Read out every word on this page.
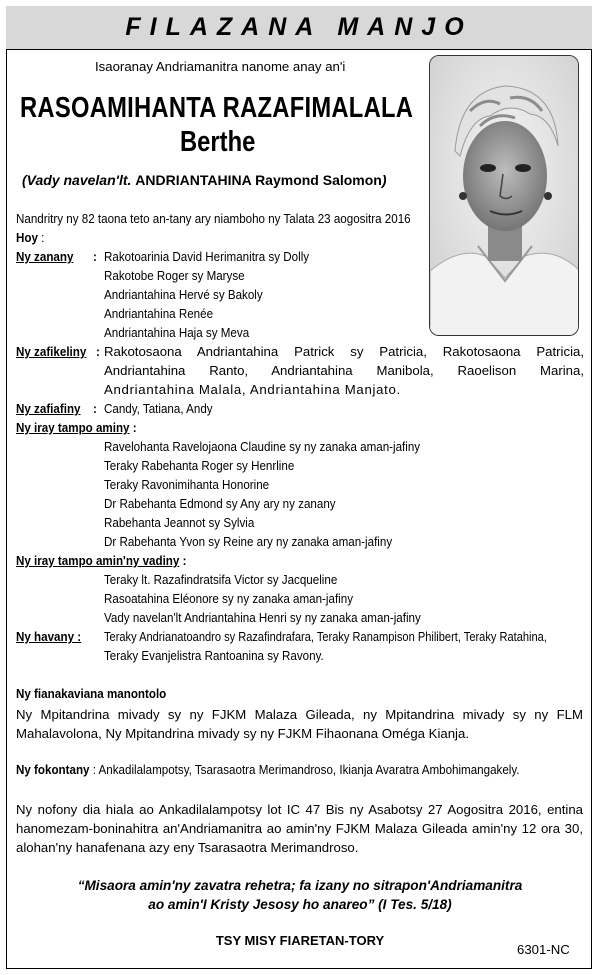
FILAZANA MANJO
Isaoranay Andriamanitra nanome anay an'i
RASOAMIHANTA RAZAFIMALALA
Berthe
(Vady navelan'lt. ANDRIANTAHINA Raymond Salomon)
Nandritry ny 82 taona teto an-tany ary niamboho ny Talata 23 aogositra 2016
Hoy :
Ny zanany : Rakotoarinia David Herimanitra sy Dolly
Rakotobe Roger sy Maryse
Andriantahina Hervé sy Bakoly
Andriantahina Renée
Andriantahina Haja sy Meva
Ny zafikeliny : Rakotosaona Andriantahina Patrick sy Patricia, Rakotosaona Patricia,
Andriantahina Ranto, Andriantahina Manibola, Raoelison Marina,
Andriantahina Malala, Andriantahina Manjato.
Ny zafiafiny : Candy, Tatiana, Andy
Ny iray tampo aminy :
Ravelohanta Ravelojaona Claudine sy ny zanaka aman-jafiny
Teraky Rabehanta Roger sy Henrline
Teraky Ravonimihanta Honorine
Dr Rabehanta Edmond sy Any ary ny zanany
Rabehanta Jeannot sy Sylvia
Dr Rabehanta Yvon sy Reine ary ny zanaka aman-jafiny
Ny iray tampo amin'ny vadiny :
Teraky lt. Razafindratsifa Victor sy Jacqueline
Rasoatahina Eléonore sy ny zanaka aman-jafiny
Vady navelan'lt Andriantahina Henri sy ny zanaka aman-jafiny
Ny havany : Teraky Andrianatoandro sy Razafindrafara, Teraky Ranampison Philibert, Teraky Ratahina,
Teraky Evanjelistra Rantoanina sy Ravony.
Ny fianakaviana manontolo
Ny Mpitandrina mivady sy ny FJKM Malaza Gileada, ny Mpitandrina mivady sy ny FLM Mahalavolona, Ny Mpitandrina mivady sy ny FJKM Fihaonana Oméga Kianja.
Ny fokontany : Ankadilalampotsy, Tsarasaotra Merimandroso, Ikianja Avaratra Ambohimangakely.
Ny nofony dia hiala ao Ankadilalampotsy lot IC 47 Bis ny Asabotsy 27 Aogositra 2016, entina hanomezam-boninahitra an'Andriamanitra ao amin'ny FJKM Malaza Gileada amin'ny 12 ora 30, alohan'ny hanafenana azy eny Tsarasaotra Merimandroso.
“Misaora amin'ny zavatra rehetra; fa izany no sitrapon'Andriamanitra
ao amin'I Kristy Jesosy ho anareo” (I Tes. 5/18)
TSY MISY FIARETAN-TORY
6301-NC
